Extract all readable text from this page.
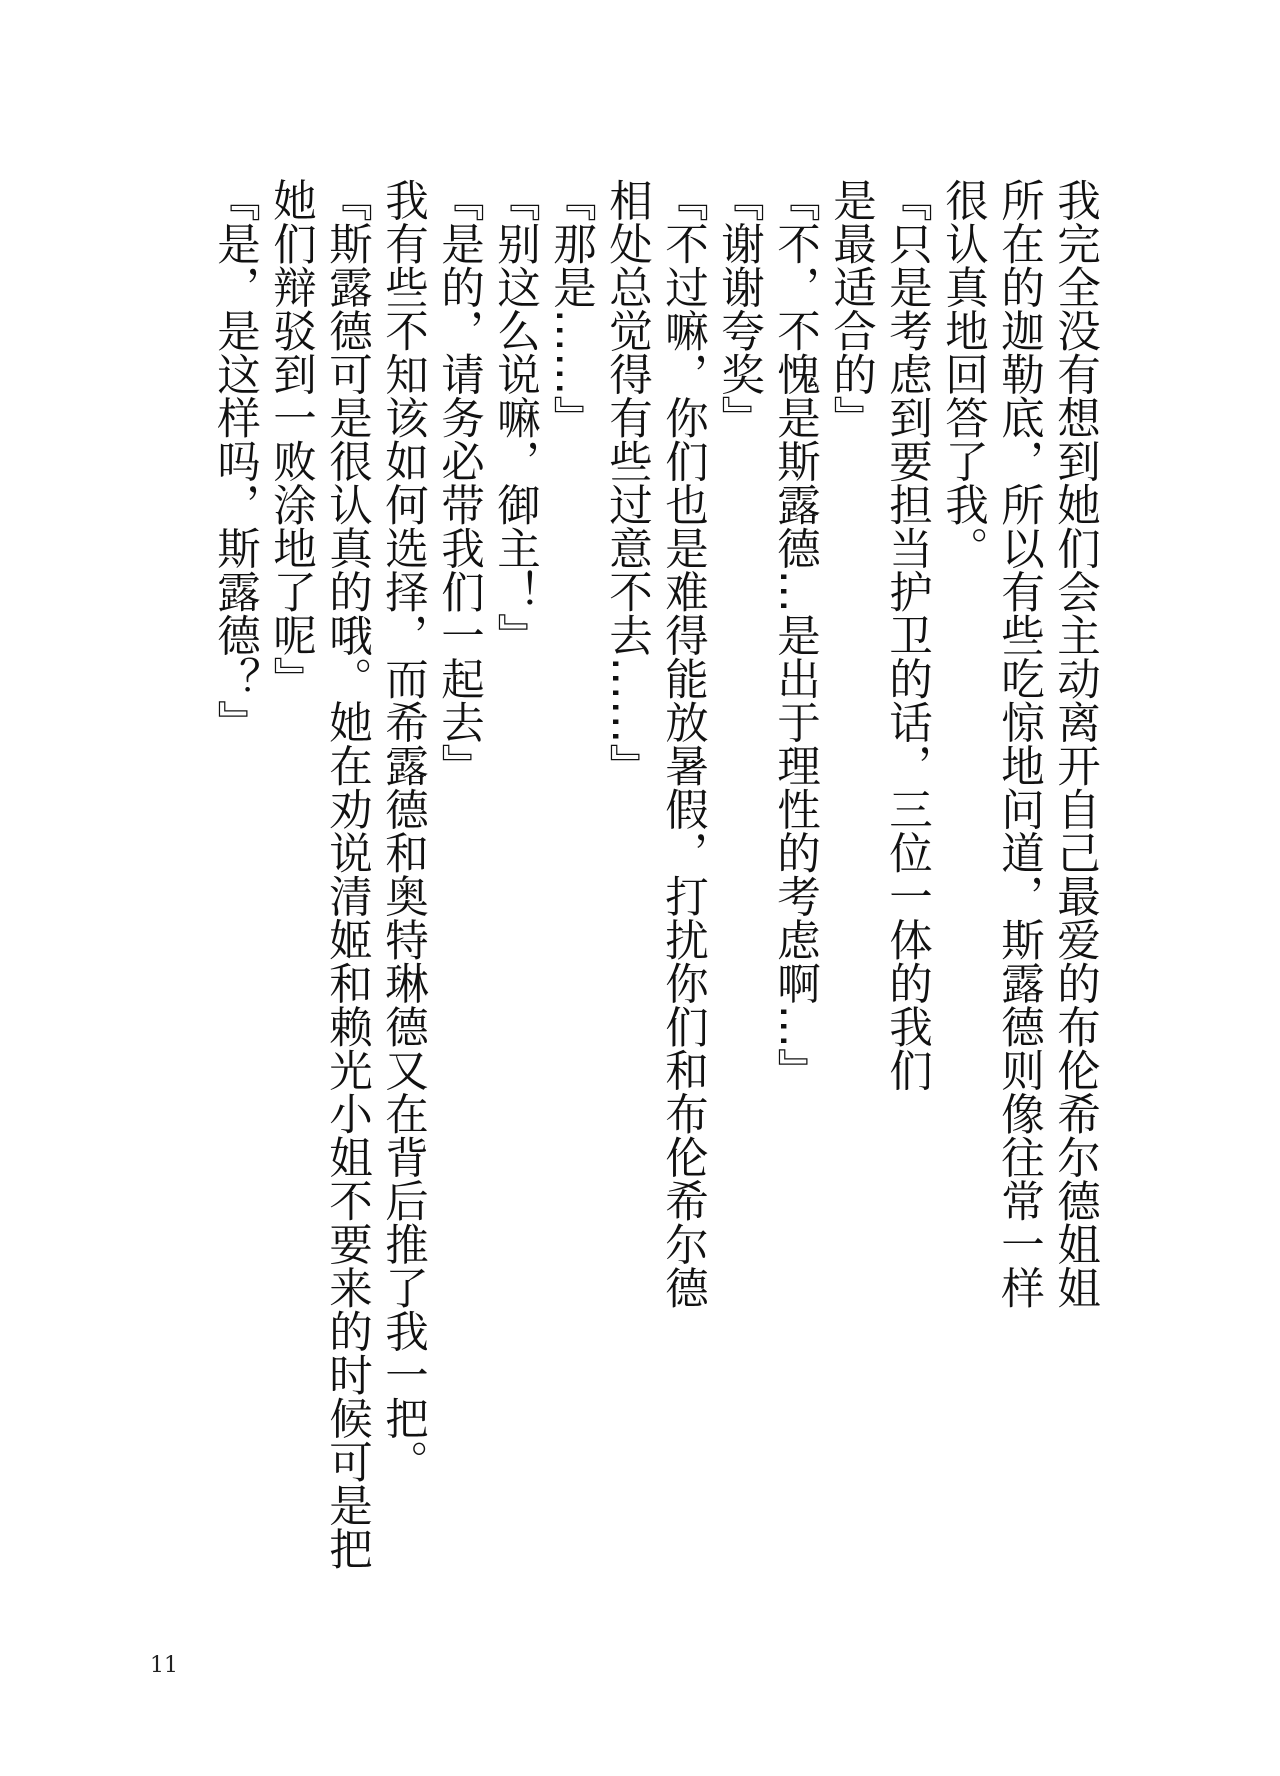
我完全没有想到她们会主动离开自己最爱的布伦希尔德姐姐
所在的迦勒底，所以有些吃惊地问道，斯露德则像往常一样
很认真地回答了我。
『只是考虑到要担当护卫的话，三位一体的我们
是最适合的』
『不，不愧是斯露德…是出于理性的考虑啊…』
『谢谢夸奖』
『不过嘛，你们也是难得能放暑假，打扰你们和布伦希尔德
相处总觉得有些过意不去……』
『那是……』
『别这么说嘛，御主！』
『是的，请务必带我们一起去』
我有些不知该如何选择，而希露德和奥特琳德又在背后推了我一把。
『斯露德可是很认真的哦。她在劝说清姬和赖光小姐不要来的时候可是把
她们辩驳到一败涂地了呢』
『是，是这样吗，斯露德？』
11
